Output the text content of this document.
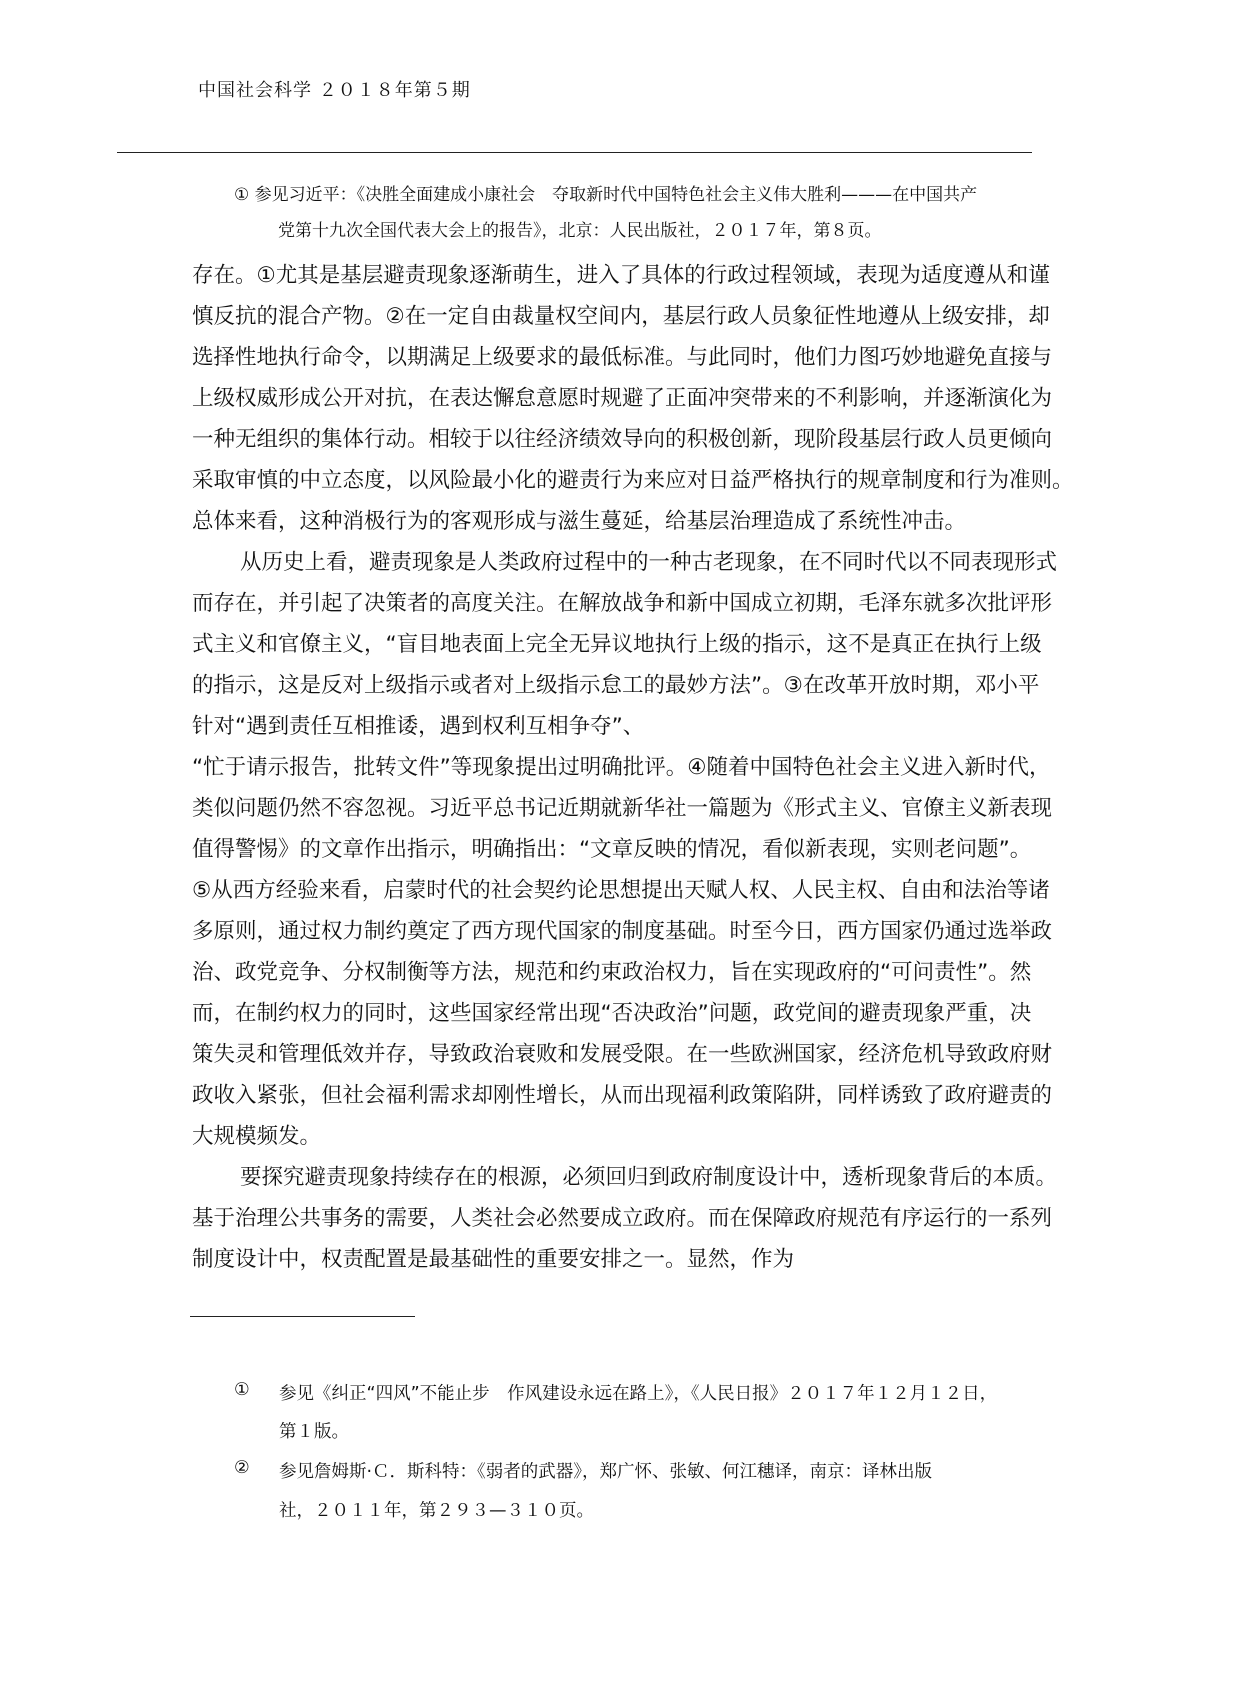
中国社会科学 ２０１８年第５期
① 参见习近平：《决胜全面建成小康社会　夺取新时代中国特色社会主义伟大胜利———在中国共产
党第十九次全国代表大会上的报告》，北京：人民出版社，２０１７年，第８页。
存在。①尤其是基层避责现象逐渐萌生，进入了具体的行政过程领域，表现为适度遵从和谨
慎反抗的混合产物。②在一定自由裁量权空间内，基层行政人员象征性地遵从上级安排，却
选择性地执行命令，以期满足上级要求的最低标准。与此同时，他们力图巧妙地避免直接与
上级权威形成公开对抗，在表达懈怠意愿时规避了正面冲突带来的不利影响，并逐渐演化为
一种无组织的集体行动。相较于以往经济绩效导向的积极创新，现阶段基层行政人员更倾向
采取审慎的中立态度，以风险最小化的避责行为来应对日益严格执行的规章制度和行为准则。
总体来看，这种消极行为的客观形成与滋生蔓延，给基层治理造成了系统性冲击。
从历史上看，避责现象是人类政府过程中的一种古老现象，在不同时代以不同表现形式
而存在，并引起了决策者的高度关注。在解放战争和新中国成立初期，毛泽东就多次批评形
式主义和官僚主义，“盲目地表面上完全无异议地执行上级的指示，这不是真正在执行上级
的指示，这是反对上级指示或者对上级指示怠工的最妙方法”。③在改革开放时期，邓小平
针对“遇到责任互相推诿，遇到权利互相争夺”、
“忙于请示报告，批转文件”等现象提出过明确批评。④随着中国特色社会主义进入新时代，
类似问题仍然不容忽视。习近平总书记近期就新华社一篇题为《形式主义、官僚主义新表现
值得警惕》的文章作出指示，明确指出：“文章反映的情况，看似新表现，实则老问题”。
⑤从西方经验来看，启蒙时代的社会契约论思想提出天赋人权、人民主权、自由和法治等诸
多原则，通过权力制约奠定了西方现代国家的制度基础。时至今日，西方国家仍通过选举政
治、政党竞争、分权制衡等方法，规范和约束政治权力，旨在实现政府的“可问责性”。然
而，在制约权力的同时，这些国家经常出现“否决政治”问题，政党间的避责现象严重，决
策失灵和管理低效并存，导致政治衰败和发展受限。在一些欧洲国家，经济危机导致政府财
政收入紧张，但社会福利需求却刚性增长，从而出现福利政策陷阱，同样诱致了政府避责的
大规模频发。
要探究避责现象持续存在的根源，必须回归到政府制度设计中，透析现象背后的本质。
基于治理公共事务的需要，人类社会必然要成立政府。而在保障政府规范有序运行的一系列
制度设计中，权责配置是最基础性的重要安排之一。显然，作为
① 参见《纠正“四风”不能止步　作风建设永远在路上》，《人民日报》２０１７年１２月１２日，
第１版。
② 参见詹姆斯·Ｃ．斯科特：《弱者的武器》，郑广怀、张敏、何江穗译，南京：译林出版
社，２０１１年，第２９３—３１０页。
